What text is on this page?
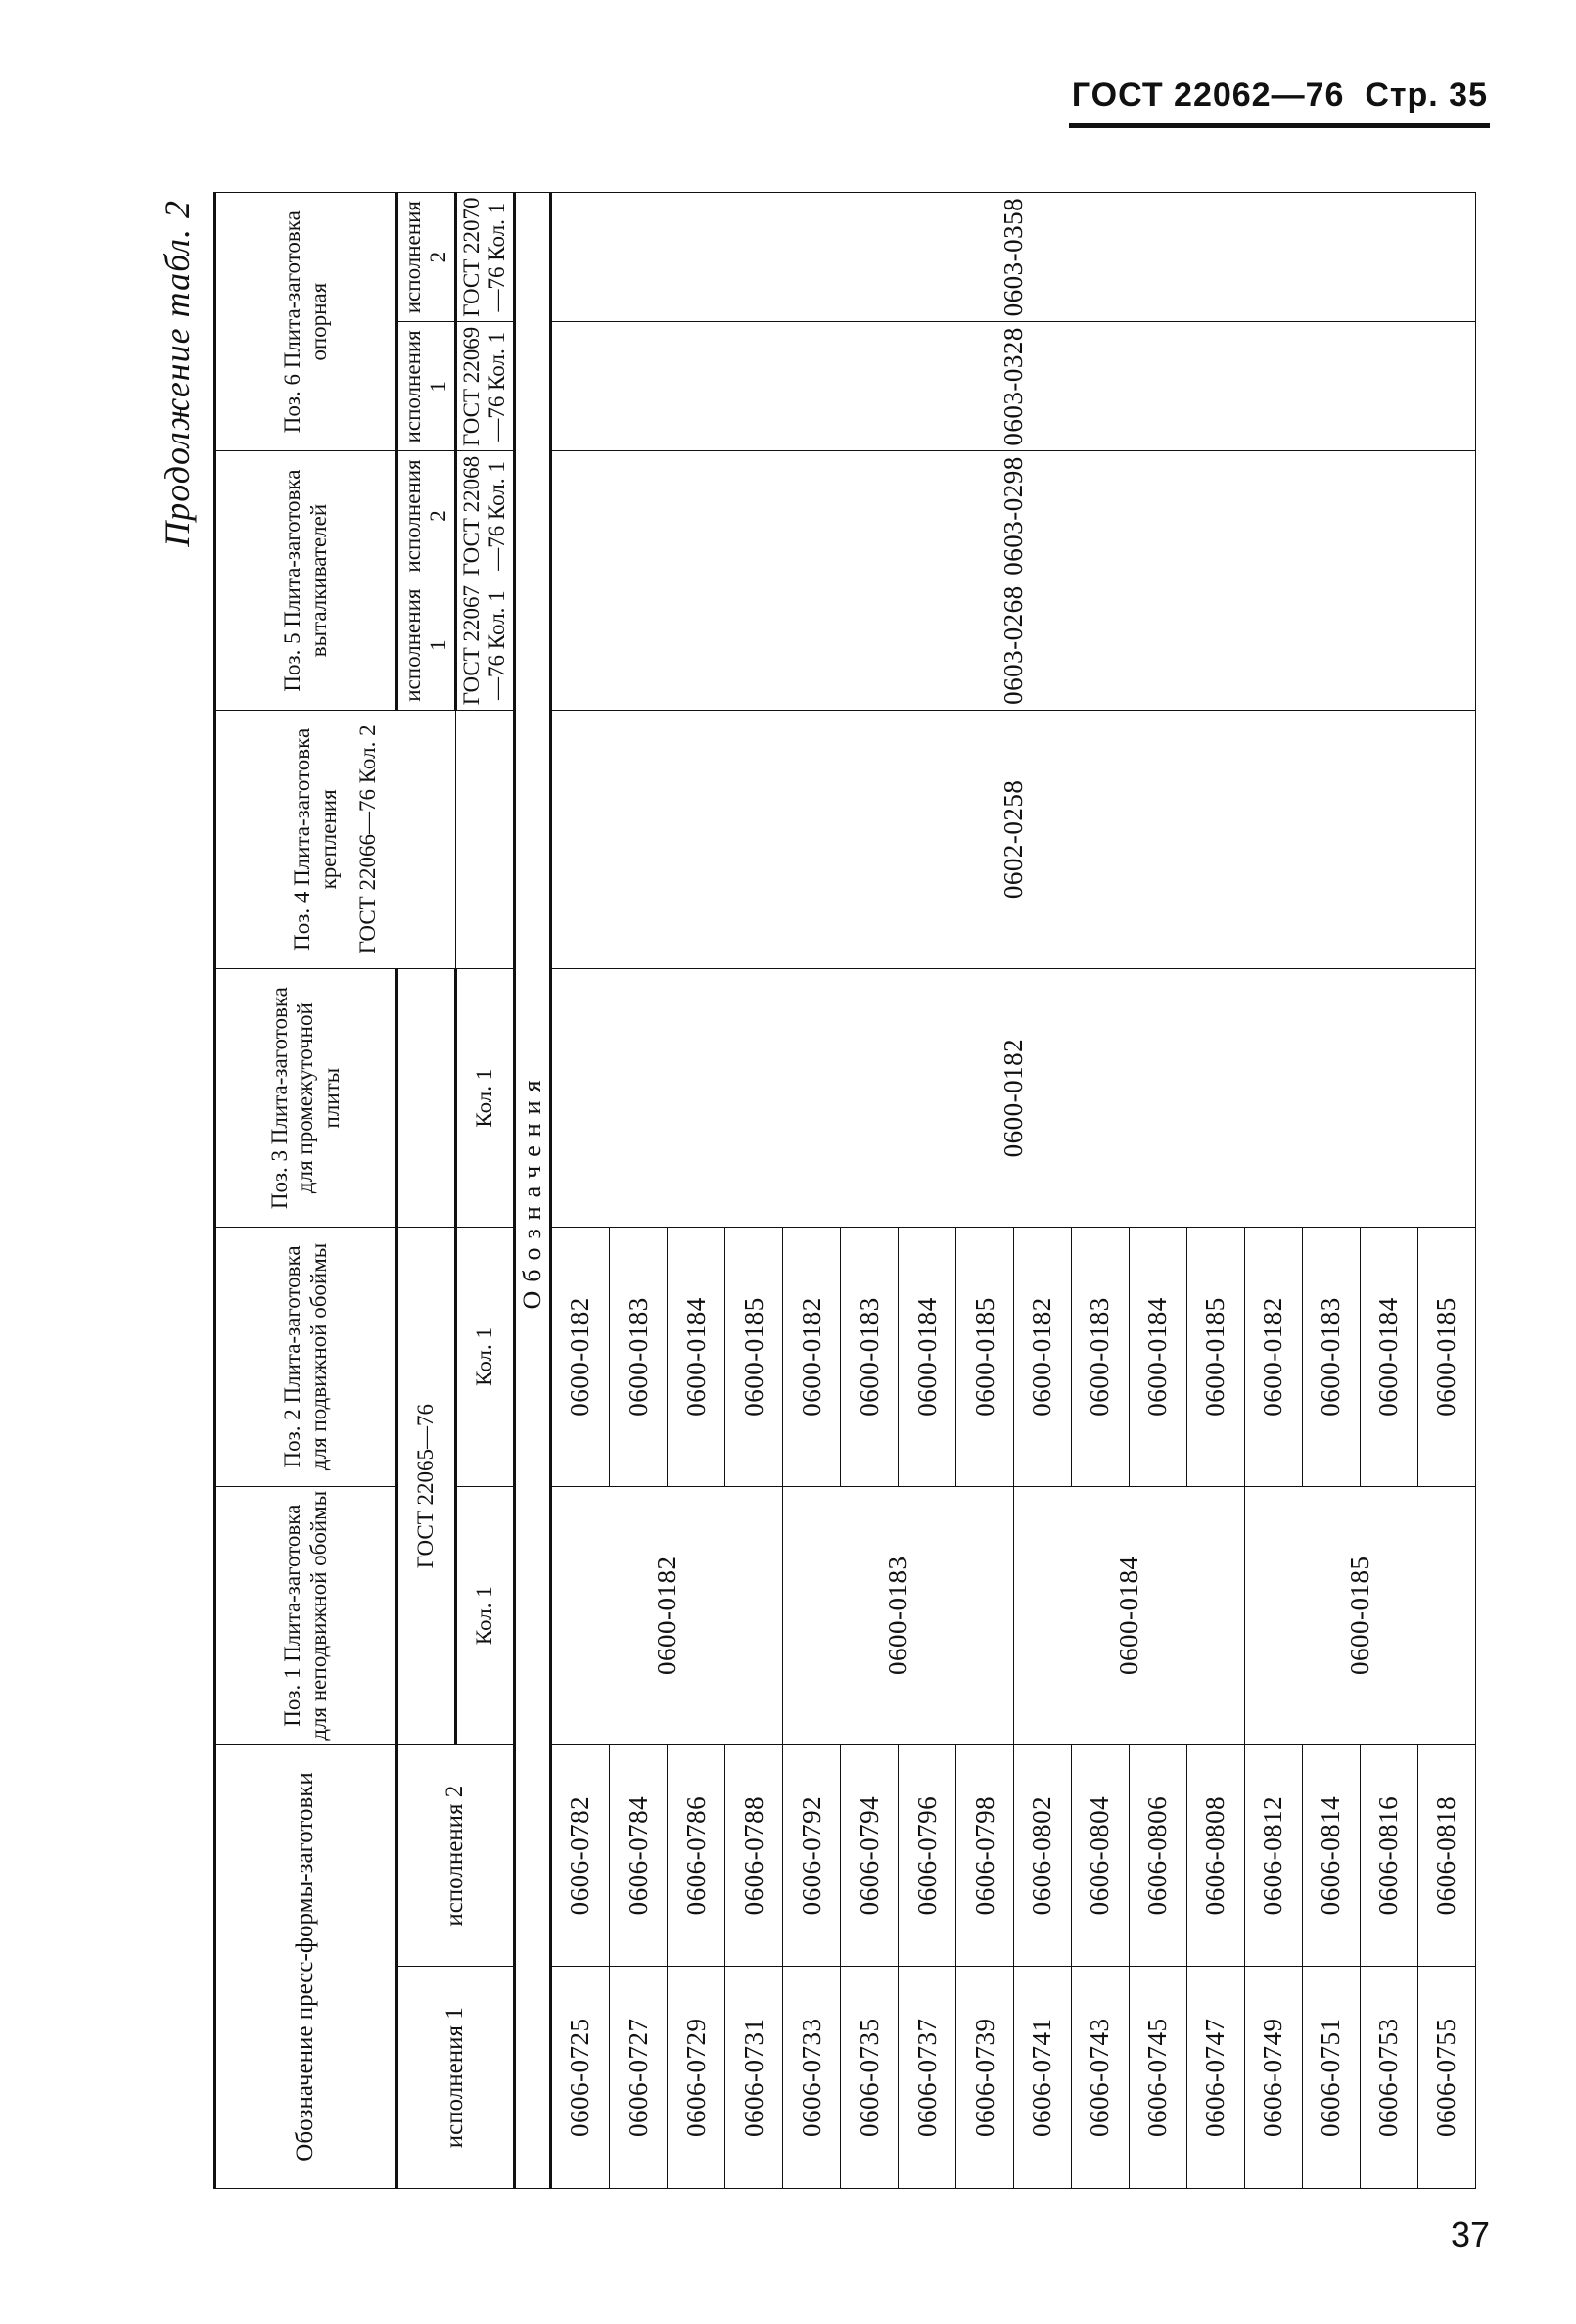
ГОСТ 22062—76 Стр. 35
Продолжение табл. 2
Обозначение пресс-формы-заготовки		Поз. 1 Плита-заготовка для неподвижной обоймы	Поз. 2 Плита-заготовка для подвижной обоймы	Поз. 3 Плита-заготовка для промежуточной плиты	Поз. 4 Плита-заготовка крепления ГОСТ 22066—76 Кол. 2	Поз. 5 Плита-заготовка выталкивателей		Поз. 6 Плита-заготовка опорная	
исполнения 1	исполнения 2	ГОСТ 22065—76				исполнения 1	исполнения 2	исполнения 1	исполнения 2
		Кол. 1	Кол. 1	Кол. 1		ГОСТ 22067—76 Кол. 1	ГОСТ 22068—76 Кол. 1	ГОСТ 22069—76 Кол. 1	ГОСТ 22070—76 Кол. 1
Обозначения									
0606-0725	0606-0782	0600-0182	0600-0182	0600-0182	0602-0258	0603-0268	0603-0298	0603-0328	0603-0358
0606-0727	0606-0784		0600-0183						
0606-0729	0606-0786		0600-0184						
0606-0731	0606-0788		0600-0185						
0606-0733	0606-0792	0600-0183	0600-0182						
0606-0735	0606-0794		0600-0183						
0606-0737	0606-0796		0600-0184						
0606-0739	0606-0798		0600-0185						
0606-0741	0606-0802	0600-0184	0600-0182						
0606-0743	0606-0804		0600-0183						
0606-0745	0606-0806		0600-0184						
0606-0747	0606-0808		0600-0185						
0606-0749	0606-0812	0600-0185	0600-0182						
0606-0751	0606-0814		0600-0183						
0606-0753	0606-0816		0600-0184						
0606-0755	0606-0818		0600-0185						
37
